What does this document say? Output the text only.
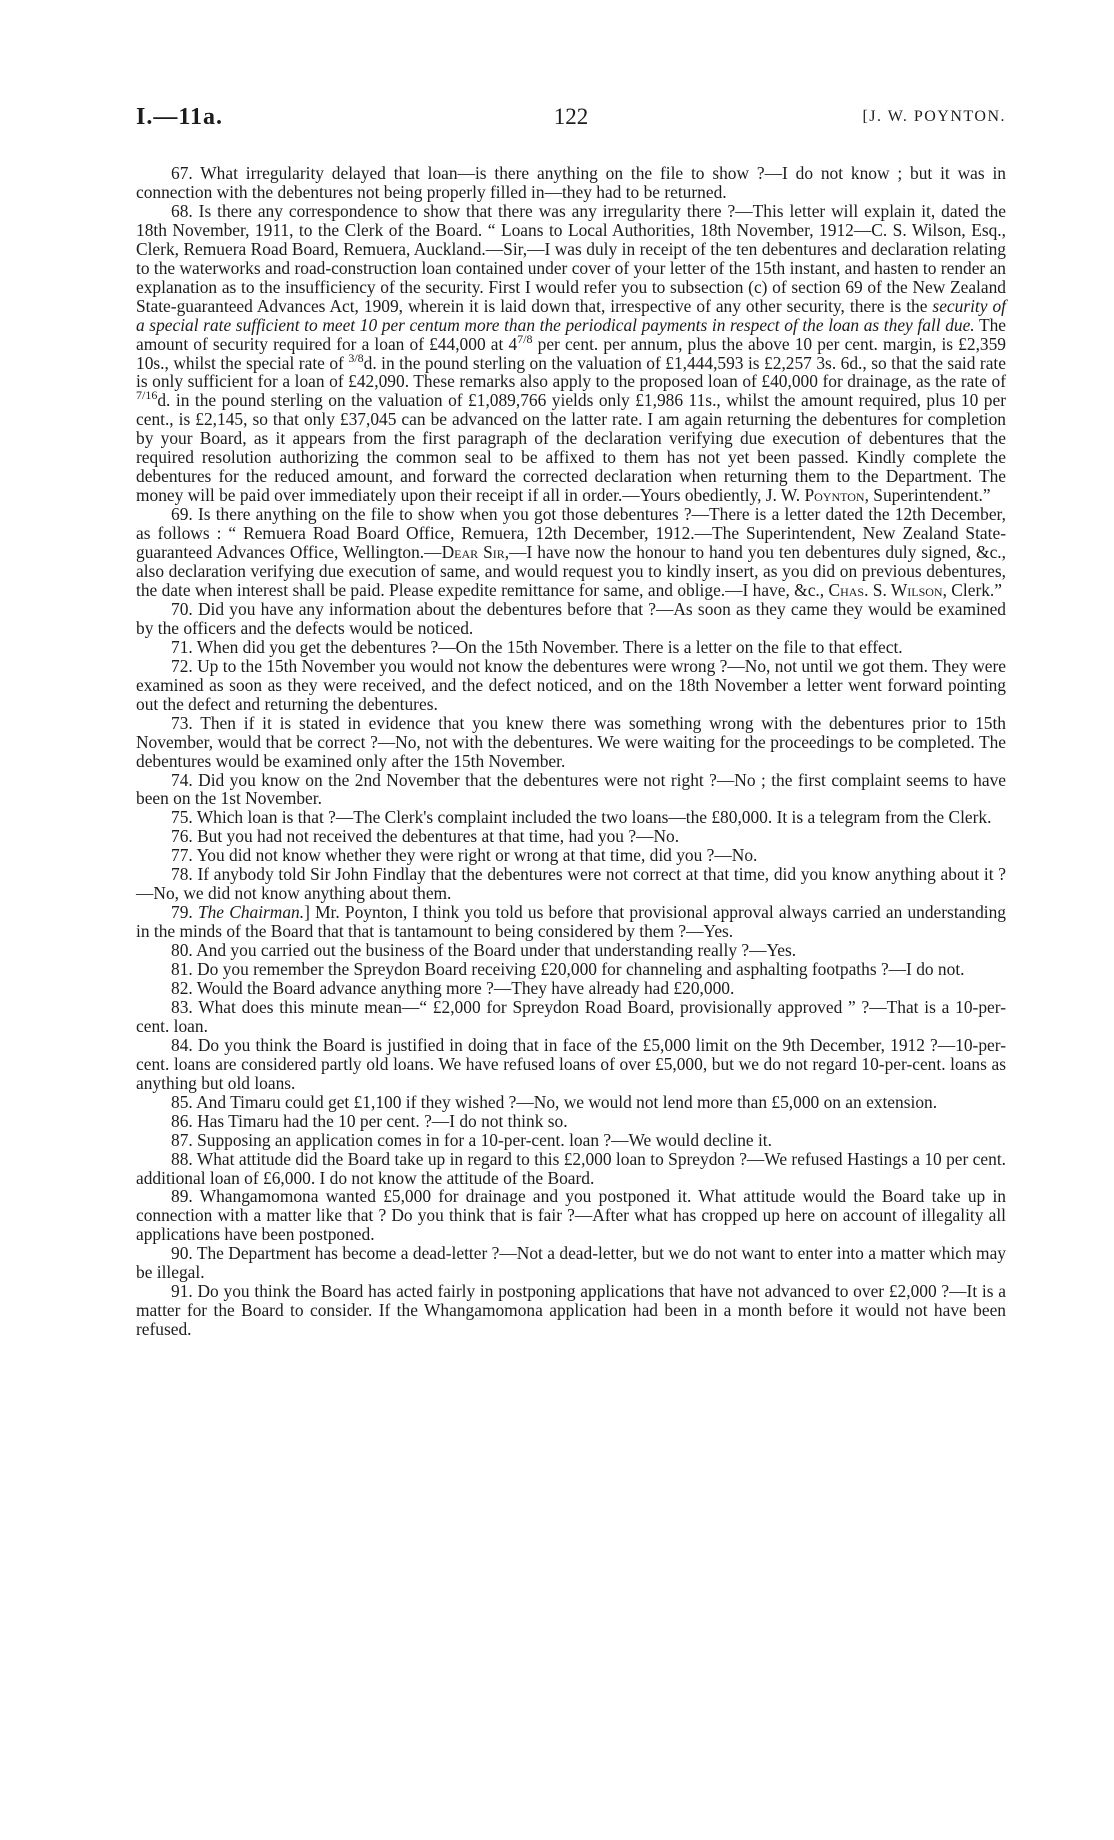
I.—11a.	122	[J. W. POYNTON.

67. What irregularity delayed that loan—is there anything on the file to show ?—I do not know ; but it was in connection with the debentures not being properly filled in—they had to be returned.

68. Is there any correspondence to show that there was any irregularity there ?—This letter will explain it, dated the 18th November, 1911, to the Clerk of the Board. “ Loans to Local Authorities, 18th November, 1912—C. S. Wilson, Esq., Clerk, Remuera Road Board, Remuera, Auckland.—Sir,—I was duly in receipt of the ten debentures and declaration relating to the waterworks and road-construction loan contained under cover of your letter of the 15th instant, and hasten to render an explanation as to the insufficiency of the security. First I would refer you to subsection (c) of section 69 of the New Zealand State-guaranteed Advances Act, 1909, wherein it is laid down that, irrespective of any other security, there is the security of a special rate sufficient to meet 10 per centum more than the periodical payments in respect of the loan as they fall due. The amount of security required for a loan of £44,000 at $4^{7/8}$ per cent. per annum, plus the above 10 per cent. margin, is £2,359 10s., whilst the special rate of $^{3/8}$d. in the pound sterling on the valuation of £1,444,593 is £2,257 3s. 6d., so that the said rate is only sufficient for a loan of £42,090. These remarks also apply to the proposed loan of £40,000 for drainage, as the rate of $^{7/16}$d. in the pound sterling on the valuation of £1,089,766 yields only £1,986 11s., whilst the amount required, plus 10 per cent., is £2,145, so that only £37,045 can be advanced on the latter rate. I am again returning the debentures for completion by your Board, as it appears from the first paragraph of the declaration verifying due execution of debentures that the required resolution authorizing the common seal to be affixed to them has not yet been passed. Kindly complete the debentures for the reduced amount, and forward the corrected declaration when returning them to the Department. The money will be paid over immediately upon their receipt if all in order.—Yours obediently, J. W. Poynton, Superintendent.”

69. Is there anything on the file to show when you got those debentures ?—There is a letter dated the 12th December, as follows : “ Remuera Road Board Office, Remuera, 12th December, 1912.—The Superintendent, New Zealand State-guaranteed Advances Office, Wellington.—Dear Sir,—I have now the honour to hand you ten debentures duly signed, &c., also declaration verifying due execution of same, and would request you to kindly insert, as you did on previous debentures, the date when interest shall be paid. Please expedite remittance for same, and oblige.—I have, &c., Chas. S. Wilson, Clerk.”

70. Did you have any information about the debentures before that ?—As soon as they came they would be examined by the officers and the defects would be noticed.

71. When did you get the debentures ?—On the 15th November. There is a letter on the file to that effect.

72. Up to the 15th November you would not know the debentures were wrong ?—No, not until we got them. They were examined as soon as they were received, and the defect noticed, and on the 18th November a letter went forward pointing out the defect and returning the debentures.

73. Then if it is stated in evidence that you knew there was something wrong with the debentures prior to 15th November, would that be correct ?—No, not with the debentures. We were waiting for the proceedings to be completed. The debentures would be examined only after the 15th November.

74. Did you know on the 2nd November that the debentures were not right ?—No ; the first complaint seems to have been on the 1st November.

75. Which loan is that ?—The Clerk's complaint included the two loans—the £80,000. It is a telegram from the Clerk.

76. But you had not received the debentures at that time, had you ?—No.

77. You did not know whether they were right or wrong at that time, did you ?—No.

78. If anybody told Sir John Findlay that the debentures were not correct at that time, did you know anything about it ?—No, we did not know anything about them.

79. The Chairman.] Mr. Poynton, I think you told us before that provisional approval always carried an understanding in the minds of the Board that that is tantamount to being considered by them ?—Yes.

80. And you carried out the business of the Board under that understanding really ?—Yes.

81. Do you remember the Spreydon Board receiving £20,000 for channeling and asphalting footpaths ?—I do not.

82. Would the Board advance anything more ?—They have already had £20,000.

83. What does this minute mean—“ £2,000 for Spreydon Road Board, provisionally approved ” ?—That is a 10-per-cent. loan.

84. Do you think the Board is justified in doing that in face of the £5,000 limit on the 9th December, 1912 ?—10-per-cent. loans are considered partly old loans. We have refused loans of over £5,000, but we do not regard 10-per-cent. loans as anything but old loans.

85. And Timaru could get £1,100 if they wished ?—No, we would not lend more than £5,000 on an extension.

86. Has Timaru had the 10 per cent. ?—I do not think so.

87. Supposing an application comes in for a 10-per-cent. loan ?—We would decline it.

88. What attitude did the Board take up in regard to this £2,000 loan to Spreydon ?—We refused Hastings a 10 per cent. additional loan of £6,000. I do not know the attitude of the Board.

89. Whangamomona wanted £5,000 for drainage and you postponed it. What attitude would the Board take up in connection with a matter like that ? Do you think that is fair ?—After what has cropped up here on account of illegality all applications have been postponed.

90. The Department has become a dead-letter ?—Not a dead-letter, but we do not want to enter into a matter which may be illegal.

91. Do you think the Board has acted fairly in postponing applications that have not advanced to over £2,000 ?—It is a matter for the Board to consider. If the Whangamomona application had been in a month before it would not have been refused.
